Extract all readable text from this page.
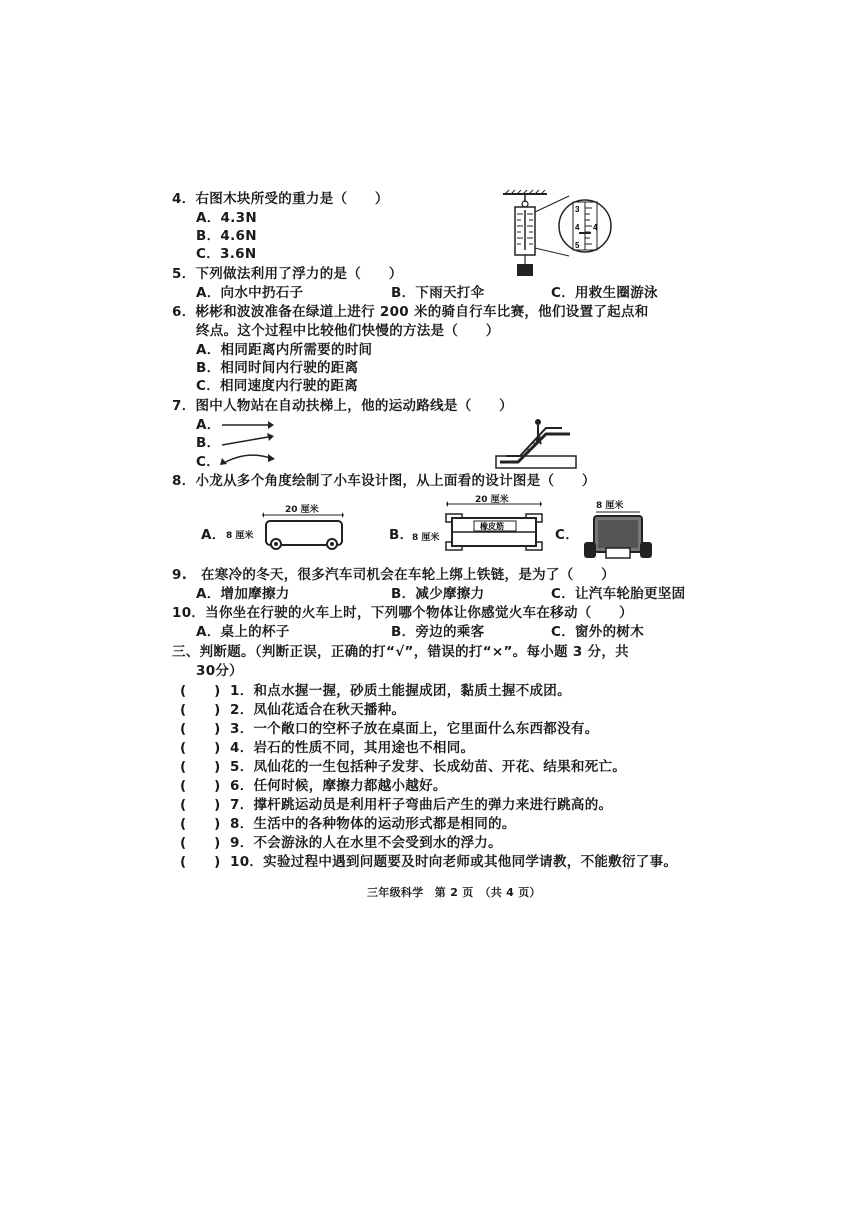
4．右图木块所受的重力是（　　）
A．4.3N
B．4.6N
C．3.6N
3
4
5
4
5．下列做法利用了浮力的是（　　）
A．向水中扔石子	B．下雨天打伞	C．用救生圈游泳
6．彬彬和波波准备在绿道上进行 200 米的骑自行车比赛，他们设置了起点和
终点。这个过程中比较他们快慢的方法是（　　）
A．相同距离内所需要的时间
B．相同时间内行驶的距离
C．相同速度内行驶的距离
7．图中人物站在自动扶梯上，他的运动路线是（　　）
A．
B．
C．
8．小龙从多个角度绘制了小车设计图，从上面看的设计图是（　　）
A．	B．	C．
20 厘米
8 厘米
20 厘米
8 厘米
橡皮筋
8 厘米
9.　在寒冷的冬天，很多汽车司机会在车轮上绑上铁链，是为了（　　）
A．增加摩擦力	B．减少摩擦力	C．让汽车轮胎更坚固
10．当你坐在行驶的火车上时，下列哪个物体让你感觉火车在移动（　　）
A．桌上的杯子	B．旁边的乘客	C．窗外的树木
三、判断题。（判断正误，正确的打“√”，错误的打“×”。每小题 3 分，共
30分）
(　　) 1．和点水握一握，砂质土能握成团，黏质土握不成团。
(　　) 2．凤仙花适合在秋天播种。
(　　) 3．一个敞口的空杯子放在桌面上，它里面什么东西都没有。
(　　) 4．岩石的性质不同，其用途也不相同。
(　　) 5．凤仙花的一生包括种子发芽、长成幼苗、开花、结果和死亡。
(　　) 6．任何时候，摩擦力都越小越好。
(　　) 7．撑杆跳运动员是利用杆子弯曲后产生的弹力来进行跳高的。
(　　) 8．生活中的各种物体的运动形式都是相同的。
(　　) 9．不会游泳的人在水里不会受到水的浮力。
(　　) 10．实验过程中遇到问题要及时向老师或其他同学请教，不能敷衍了事。
三年级科学　第 2 页　（共 4 页）
